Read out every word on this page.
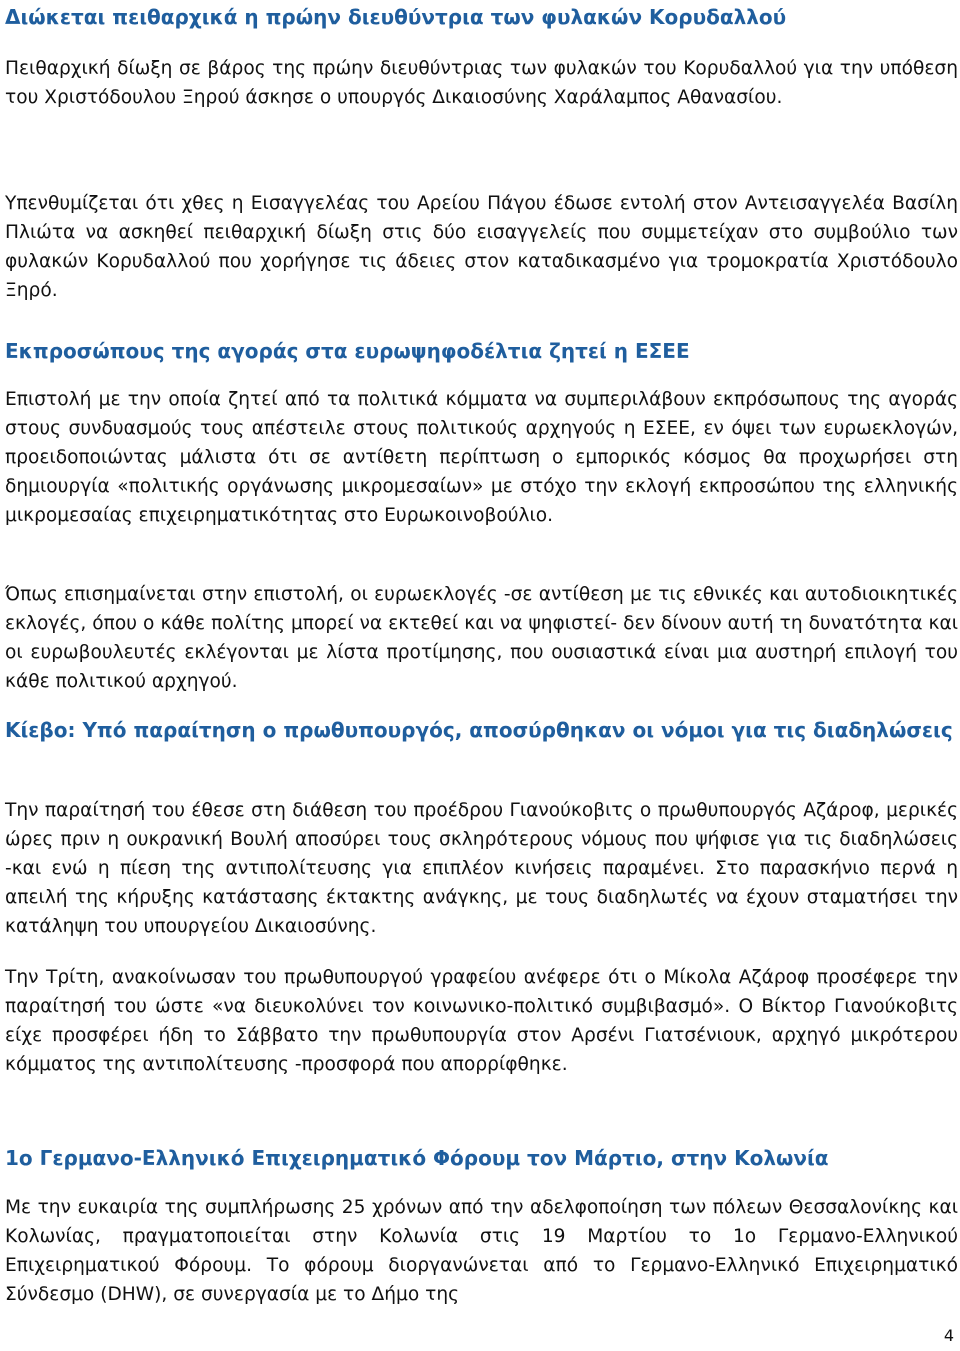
Διώκεται πειθαρχικά η πρώην διευθύντρια των φυλακών Κορυδαλλού

Πειθαρχική δίωξη σε βάρος της πρώην διευθύντριας των φυλακών του Κορυδαλλού για την υπόθεση του Χριστόδουλου Ξηρού άσκησε ο υπουργός Δικαιοσύνης Χαράλαμπος Αθανασίου.

Υπενθυμίζεται ότι χθες η Εισαγγελέας του Αρείου Πάγου έδωσε εντολή στον Αντεισαγγελέα Βασίλη Πλιώτα να ασκηθεί πειθαρχική δίωξη στις δύο εισαγγελείς που συμμετείχαν στο συμβούλιο των φυλακών Κορυδαλλού που χορήγησε τις άδειες στον καταδικασμένο για τρομοκρατία Χριστόδουλο Ξηρό.

Εκπροσώπους της αγοράς στα ευρωψηφοδέλτια ζητεί η ΕΣΕΕ

Επιστολή με την οποία ζητεί από τα πολιτικά κόμματα να συμπεριλάβουν εκπρόσωπους της αγοράς στους συνδυασμούς τους απέστειλε στους πολιτικούς αρχηγούς η ΕΣΕΕ, εν όψει των ευρωεκλογών, προειδοποιώντας μάλιστα ότι σε αντίθετη περίπτωση ο εμπορικός κόσμος θα προχωρήσει στη δημιουργία «πολιτικής οργάνωσης μικρομεσαίων» με στόχο την εκλογή εκπροσώπου της ελληνικής μικρομεσαίας επιχειρηματικότητας στο Ευρωκοινοβούλιο.

Όπως επισημαίνεται στην επιστολή, οι ευρωεκλογές -σε αντίθεση με τις εθνικές και αυτοδιοικητικές εκλογές, όπου ο κάθε πολίτης μπορεί να εκτεθεί και να ψηφιστεί- δεν δίνουν αυτή τη δυνατότητα και οι ευρωβουλευτές εκλέγονται με λίστα προτίμησης, που ουσιαστικά είναι μια αυστηρή επιλογή του κάθε πολιτικού αρχηγού.

Κίεβο: Υπό παραίτηση ο πρωθυπουργός, αποσύρθηκαν οι νόμοι για τις διαδηλώσεις

Την παραίτησή του έθεσε στη διάθεση του προέδρου Γιανούκοβιτς ο πρωθυπουργός Αζάροφ, μερικές ώρες πριν η ουκρανική Βουλή αποσύρει τους σκληρότερους νόμους που ψήφισε για τις διαδηλώσεις -και ενώ η πίεση της αντιπολίτευσης για επιπλέον κινήσεις παραμένει. Στο παρασκήνιο περνά η απειλή της κήρυξης κατάστασης έκτακτης ανάγκης, με τους διαδηλωτές να έχουν σταματήσει την κατάληψη του υπουργείου Δικαιοσύνης.

Την Τρίτη, ανακοίνωσαν του πρωθυπουργού γραφείου ανέφερε ότι ο Μίκολα Αζάροφ προσέφερε την παραίτησή του ώστε «να διευκολύνει τον κοινωνικο-πολιτικό συμβιβασμό». Ο Βίκτορ Γιανούκοβιτς είχε προσφέρει ήδη το Σάββατο την πρωθυπουργία στον Αρσένι Γιατσένιουκ, αρχηγό μικρότερου κόμματος της αντιπολίτευσης -προσφορά που απορρίφθηκε.

1ο Γερμανο-Ελληνικό Επιχειρηματικό Φόρουμ τον Μάρτιο, στην Κολωνία

Με την ευκαιρία της συμπλήρωσης 25 χρόνων από την αδελφοποίηση των πόλεων Θεσσαλονίκης και Κολωνίας, πραγματοποιείται στην Κολωνία στις 19 Μαρτίου το 1ο Γερμανο-Ελληνικού Επιχειρηματικού Φόρουμ. Το φόρουμ διοργανώνεται από το Γερμανο-Ελληνικό Επιχειρηματικό Σύνδεσμο (DHW), σε συνεργασία με το Δήμο της

4
